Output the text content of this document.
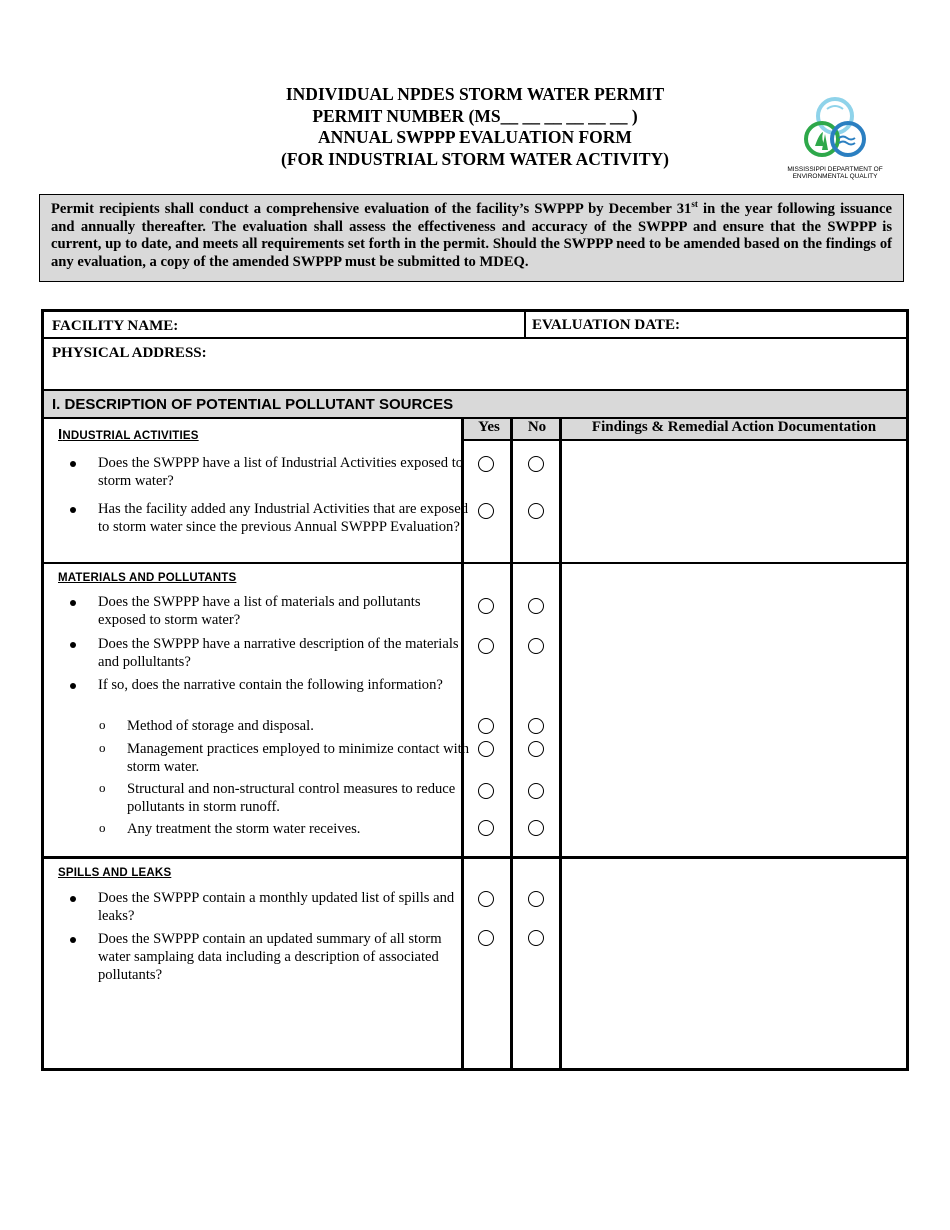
INDIVIDUAL NPDES STORM WATER PERMIT
PERMIT NUMBER (MS__ __ __ __ __ __ )
ANNUAL SWPPP EVALUATION FORM
(FOR INDUSTRIAL STORM WATER ACTIVITY)
MISSISSIPPI DEPARTMENT OF
ENVIRONMENTAL QUALITY
Permit recipients shall conduct a comprehensive evaluation of the facility’s SWPPP by December 31st in the year following issuance and annually thereafter. The evaluation shall assess the effectiveness and accuracy of the SWPPP and ensure that the SWPPP is current, up to date, and meets all requirements set forth in the permit. Should the SWPPP need to be amended based on the findings of any evaluation, a copy of the amended SWPPP must be submitted to MDEQ.
FACILITY NAME:	EVALUATION DATE:
PHYSICAL ADDRESS:
I. DESCRIPTION OF POTENTIAL POLLUTANT SOURCES
Yes	No	Findings & Remedial Action Documentation
INDUSTRIAL ACTIVITIES
Does the SWPPP have a list of Industrial Activities exposed to storm water?
Has the facility added any Industrial Activities that are exposed to storm water since the previous Annual SWPPP Evaluation?
MATERIALS AND POLLUTANTS
Does the SWPPP have a list of materials and pollutants exposed to storm water?
Does the SWPPP have a narrative description of the materials and pollultants?
If so, does the narrative contain the following information?
o Method of storage and disposal.
o Management practices employed to minimize contact with storm water.
o Structural and non-structural control measures to reduce pollutants in storm runoff.
o Any treatment the storm water receives.
SPILLS AND LEAKS
Does the SWPPP contain a monthly updated list of spills and leaks?
Does the SWPPP contain an updated summary of all storm water samplaing data including a description of associated pollutants?
